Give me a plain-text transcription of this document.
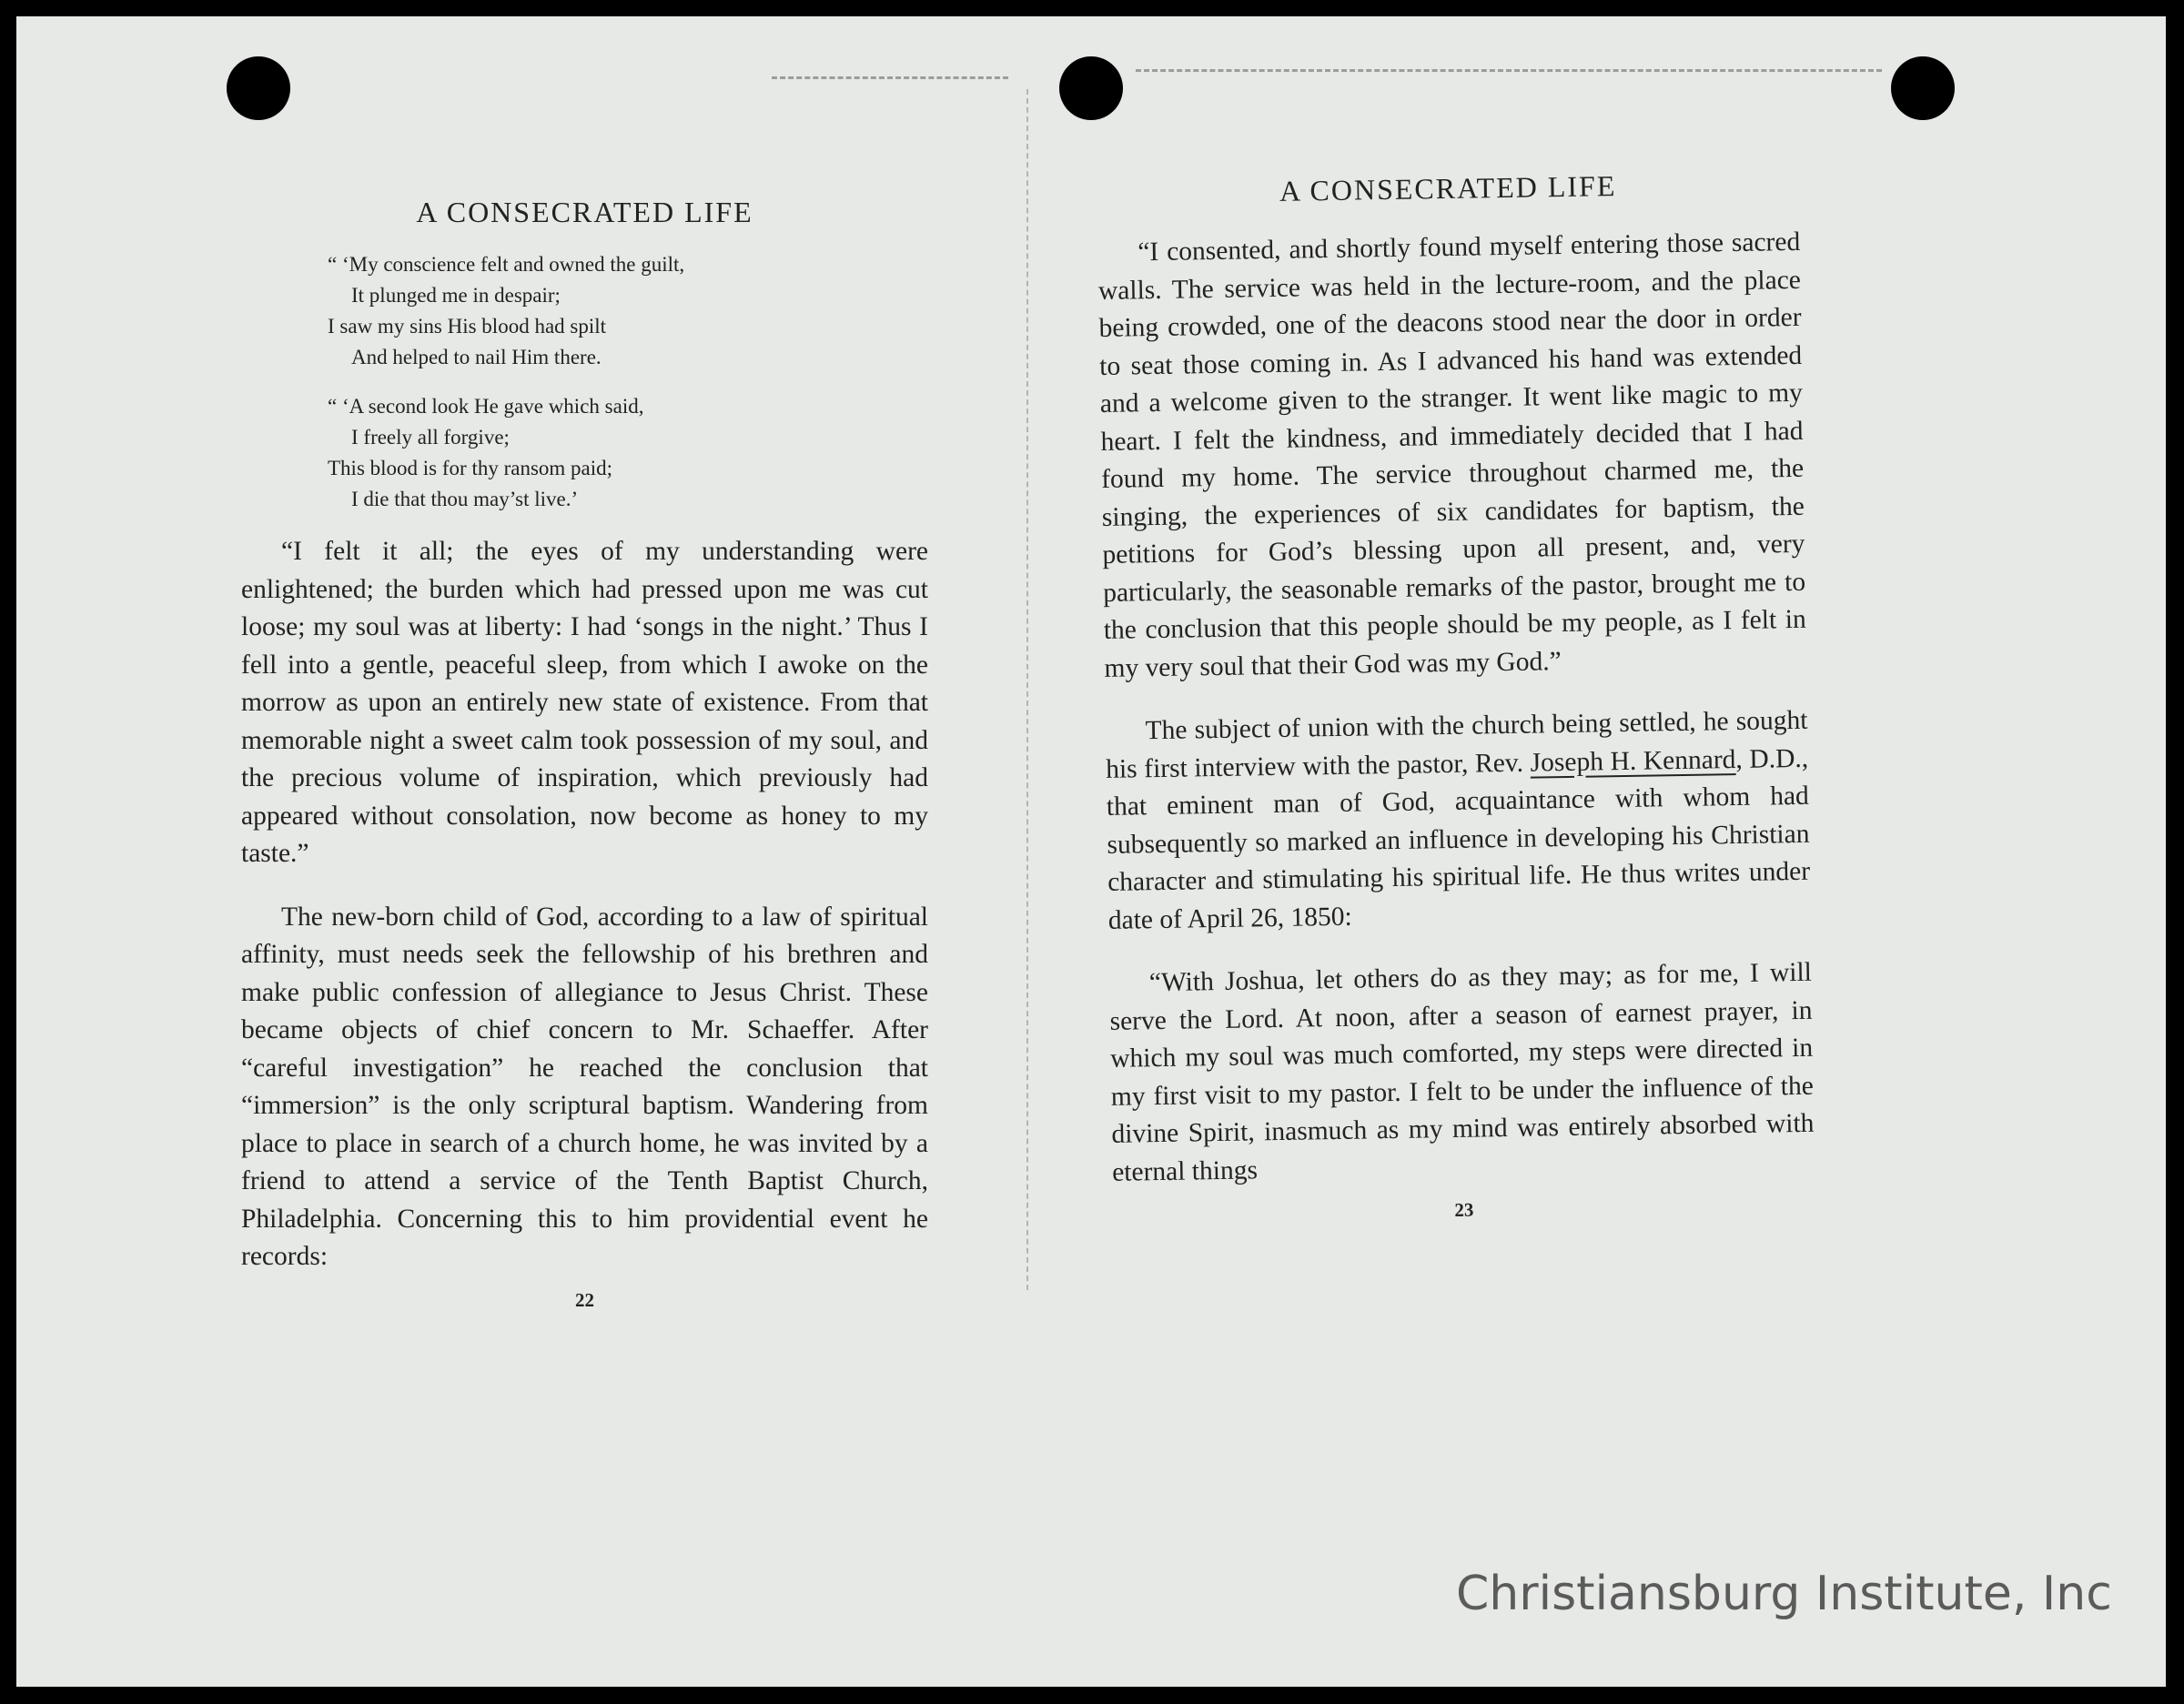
A CONSECRATED LIFE
“ ‘My conscience felt and owned the guilt,
It plunged me in despair;
I saw my sins His blood had spilt
And helped to nail Him there.
“ ‘A second look He gave which said,
I freely all forgive;
This blood is for thy ransom paid;
I die that thou may’st live.’

“I felt it all; the eyes of my understanding were enlightened; the burden which had pressed upon me was cut loose; my soul was at liberty: I had ‘songs in the night.’ Thus I fell into a gentle, peaceful sleep, from which I awoke on the morrow as upon an entirely new state of existence. From that memorable night a sweet calm took possession of my soul, and the precious volume of inspiration, which previously had appeared without consolation, now become as honey to my taste.”

The new-born child of God, according to a law of spiritual affinity, must needs seek the fellowship of his brethren and make public confession of allegiance to Jesus Christ. These became objects of chief concern to Mr. Schaeffer. After “careful investigation” he reached the conclusion that “immersion” is the only scriptural baptism. Wandering from place to place in search of a church home, he was invited by a friend to attend a service of the Tenth Baptist Church, Philadelphia. Concerning this to him providential event he records:

22
A CONSECRATED LIFE

“I consented, and shortly found myself entering those sacred walls. The service was held in the lecture-room, and the place being crowded, one of the deacons stood near the door in order to seat those coming in. As I advanced his hand was extended and a welcome given to the stranger. It went like magic to my heart. I felt the kindness, and immediately decided that I had found my home. The service throughout charmed me, the singing, the experiences of six candidates for baptism, the petitions for God’s blessing upon all present, and, very particularly, the seasonable remarks of the pastor, brought me to the conclusion that this people should be my people, as I felt in my very soul that their God was my God.”

The subject of union with the church being settled, he sought his first interview with the pastor, Rev. Joseph H. Kennard, D.D., that eminent man of God, acquaintance with whom had subsequently so marked an influence in developing his Christian character and stimulating his spiritual life. He thus writes under date of April 26, 1850:

“With Joshua, let others do as they may; as for me, I will serve the Lord. At noon, after a season of earnest prayer, in which my soul was much comforted, my steps were directed in my first visit to my pastor. I felt to be under the influence of the divine Spirit, inasmuch as my mind was entirely absorbed with eternal things

23
Christiansburg Institute, Inc
